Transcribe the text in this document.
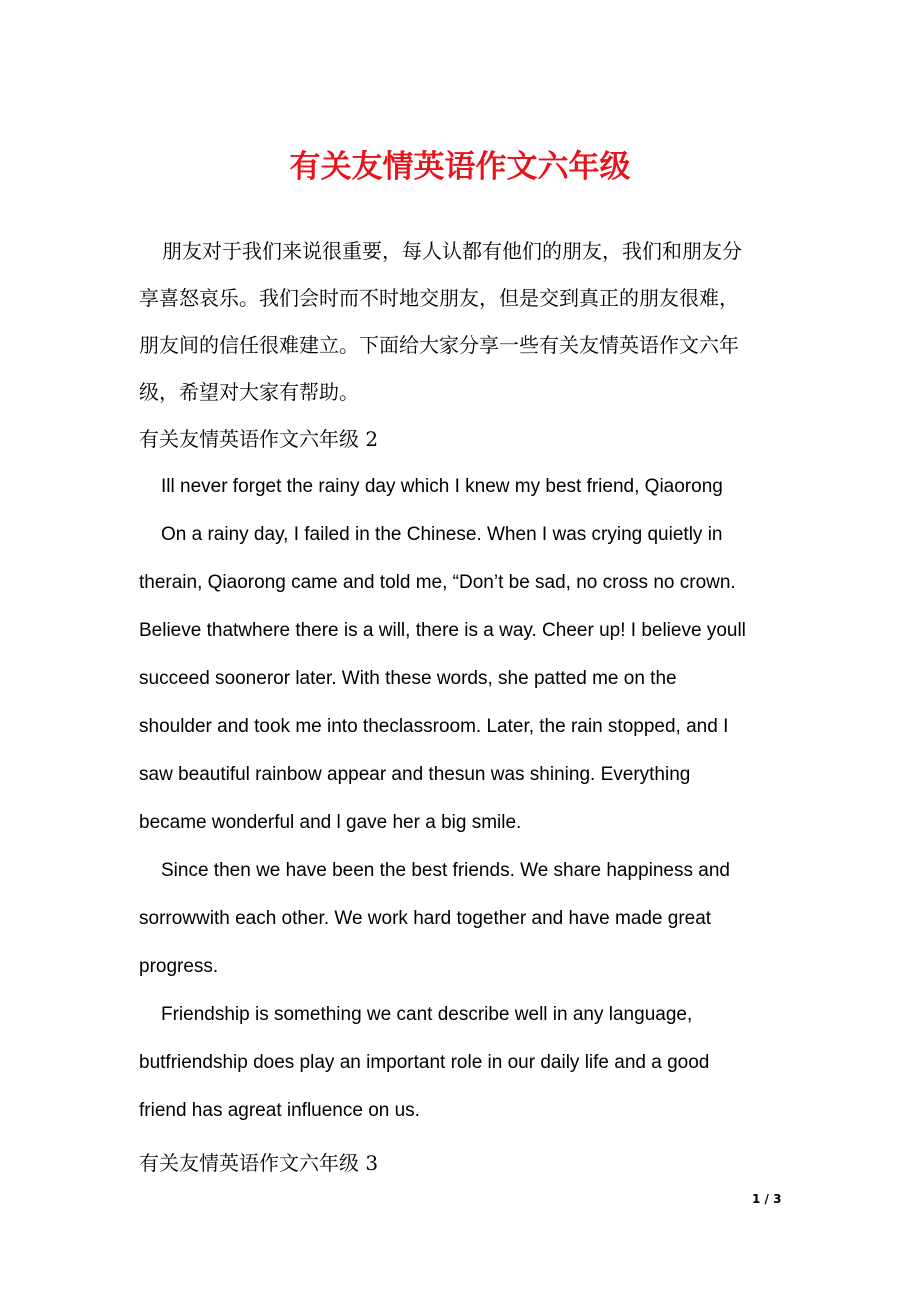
有关友情英语作文六年级
朋友对于我们来说很重要，每人认都有他们的朋友，我们和朋友分
享喜怒哀乐。我们会时而不时地交朋友，但是交到真正的朋友很难，
朋友间的信任很难建立。下面给大家分享一些有关友情英语作文六年
级，希望对大家有帮助。
有关友情英语作文六年级 2
Ill never forget the rainy day which I knew my best friend, Qiaorong
On a rainy day, I failed in the Chinese. When I was crying quietly in
therain, Qiaorong came and told me, “Don’t be sad, no cross no crown.
Believe thatwhere there is a will, there is a way. Cheer up! I believe youll
succeed sooneror later. With these words, she patted me on the
shoulder and took me into theclassroom. Later, the rain stopped, and I
saw beautiful rainbow appear and thesun was shining. Everything
became wonderful and l gave her a big smile.
Since then we have been the best friends. We share happiness and
sorrowwith each other. We work hard together and have made great
progress.
Friendship is something we cant describe well in any language,
butfriendship does play an important role in our daily life and a good
friend has agreat influence on us.
有关友情英语作文六年级 3
1 / 3
